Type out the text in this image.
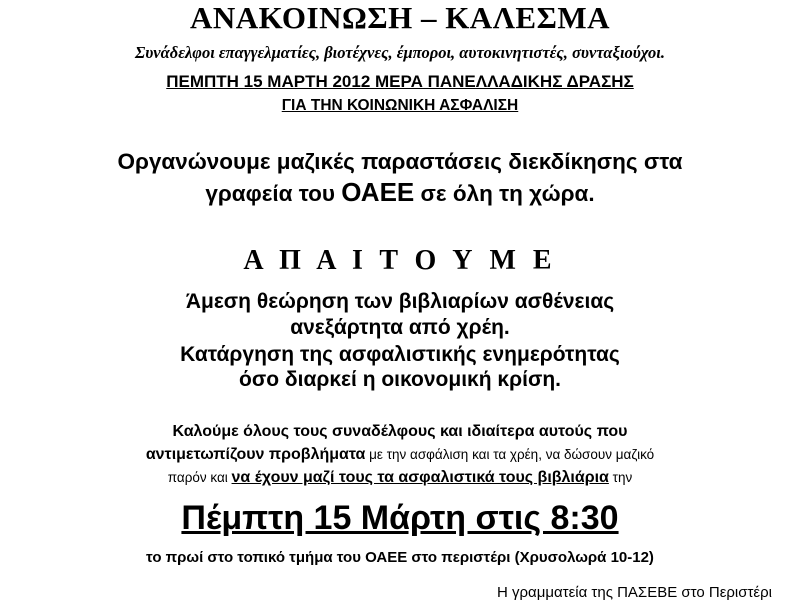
ΑΝΑΚΟΙΝΩΣΗ – ΚΑΛΕΣΜΑ
Συνάδελφοι επαγγελματίες, βιοτέχνες, έμποροι, αυτοκινητιστές, συνταξιούχοι.
ΠΕΜΠΤΗ 15 ΜΑΡΤΗ 2012 ΜΕΡΑ ΠΑΝΕΛΛΑΔΙΚΗΣ ΔΡΑΣΗΣ
ΓΙΑ ΤΗΝ ΚΟΙΝΩΝΙΚΗ ΑΣΦΑΛΙΣΗ
Οργανώνουμε μαζικές παραστάσεις διεκδίκησης στα
γραφεία του ΟΑΕΕ σε όλη τη χώρα.
Α Π Α Ι Τ Ο Υ Μ Ε
Άμεση θεώρηση των βιβλιαρίων ασθένειας
ανεξάρτητα από χρέη.
Κατάργηση της ασφαλιστικής ενημερότητας
όσο διαρκεί η οικονομική κρίση.
Καλούμε όλους τους συναδέλφους και ιδιαίτερα αυτούς που
αντιμετωπίζουν προβλήματα με την ασφάλιση και τα χρέη, να δώσουν μαζικό
παρόν και να έχουν μαζί τους τα ασφαλιστικά τους βιβλιάρια την
Πέμπτη 15 Μάρτη στις 8:30
το πρωί στο τοπικό τμήμα του ΟΑΕΕ στο περιστέρι (Χρυσολωρά 10-12)
Η γραμματεία της ΠΑΣΕΒΕ στο Περιστέρι
